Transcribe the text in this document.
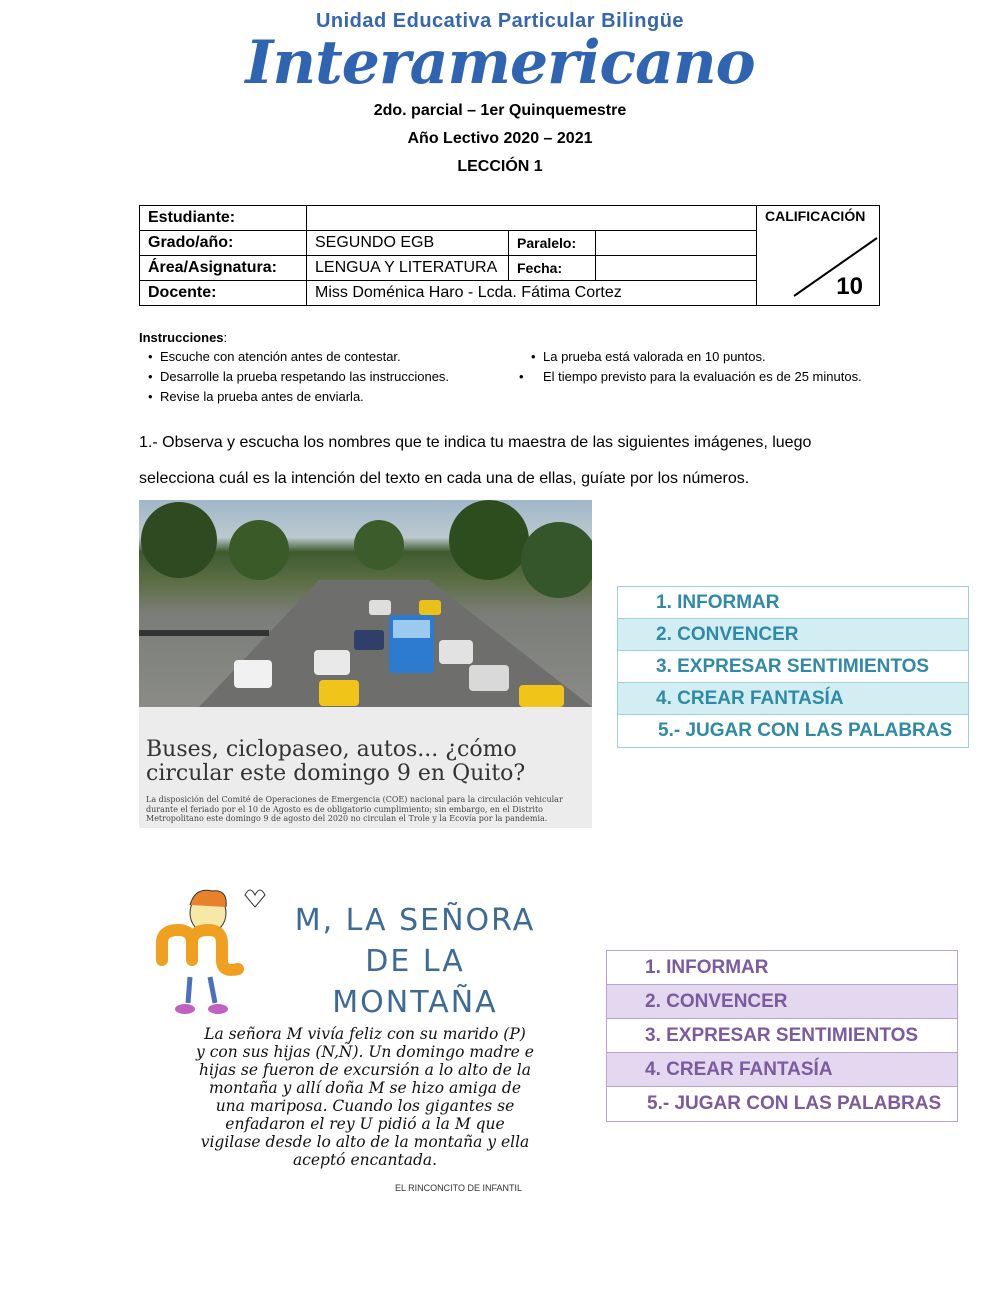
Unidad Educativa Particular Bilingüe
Interamericano
2do. parcial – 1er Quinquemestre
Año Lectivo 2020 – 2021
LECCIÓN 1
Estudiante:				CALIFICACIÓN
10

Grado/año:	SEGUNDO EGB	Paralelo:		
Área/Asignatura:	LENGUA Y LITERATURA	Fecha:		
Docente:	Miss Doménica Haro - Lcda. Fátima Cortez			
Instrucciones:
• Escuche con atención antes de contestar.
• Desarrolle la prueba respetando las instrucciones.
• Revise la prueba antes de enviarla.
• La prueba está valorada en 10 puntos.
• El tiempo previsto para la evaluación es de 25 minutos.
1.- Observa y escucha los nombres que te indica tu maestra de las siguientes imágenes, luego
selecciona cuál es la intención del texto en cada una de ellas, guíate por los números.
Buses, ciclopaseo, autos... ¿cómo
circular este domingo 9 en Quito?
La disposición del Comité de Operaciones de Emergencia (COE) nacional para la circulación vehicular durante el feriado por el 10 de Agosto es de obligatorio cumplimiento; sin embargo, en el Distrito Metropolitano este domingo 9 de agosto del 2020 no circulan el Trole y la Ecovía por la pandemia.
1. INFORMAR
2. CONVENCER
3. EXPRESAR SENTIMIENTOS
4. CREAR FANTASÍA
5.- JUGAR CON LAS PALABRAS
M, LA SEÑORA
DE LA
MONTAÑA
La señora M vivía feliz con su marido (P)
y con sus hijas (N,Ñ). Un domingo madre e
hijas se fueron de excursión a lo alto de la
montaña y allí doña M se hizo amiga de
una mariposa. Cuando los gigantes se
enfadaron el rey U pidió a la M que
vigilase desde lo alto de la montaña y ella
aceptó encantada.
EL RINCONCITO DE INFANTIL
1. INFORMAR
2. CONVENCER
3. EXPRESAR SENTIMIENTOS
4. CREAR FANTASÍA
5.- JUGAR CON LAS PALABRAS
